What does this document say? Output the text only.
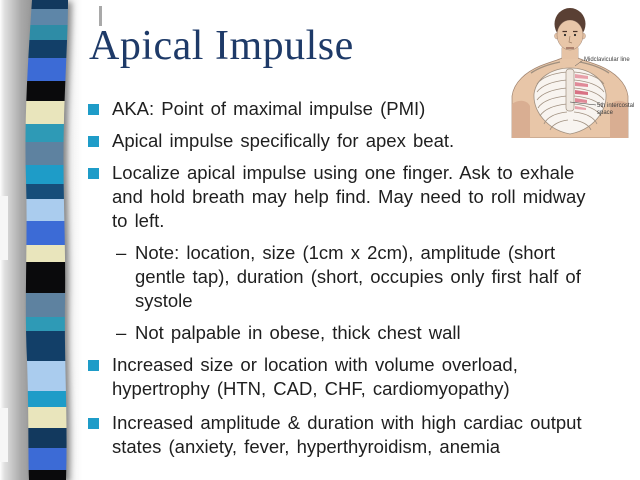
Apical Impulse
AKA: Point of maximal impulse (PMI)
Apical impulse specifically for apex beat.
Localize apical impulse using one finger. Ask to exhale
and hold breath may help find. May need to roll midway
to left.
– Note: location, size (1cm x 2cm), amplitude (short
gentle tap), duration (short, occupies only first half of
systole
– Not palpable in obese, thick chest wall
Increased size or location with volume overload,
hypertrophy (HTN, CAD, CHF, cardiomyopathy)
Increased amplitude & duration with high cardiac output
states (anxiety, fever, hyperthyroidism, anemia
Midclavicular line
5th intercostal
space
